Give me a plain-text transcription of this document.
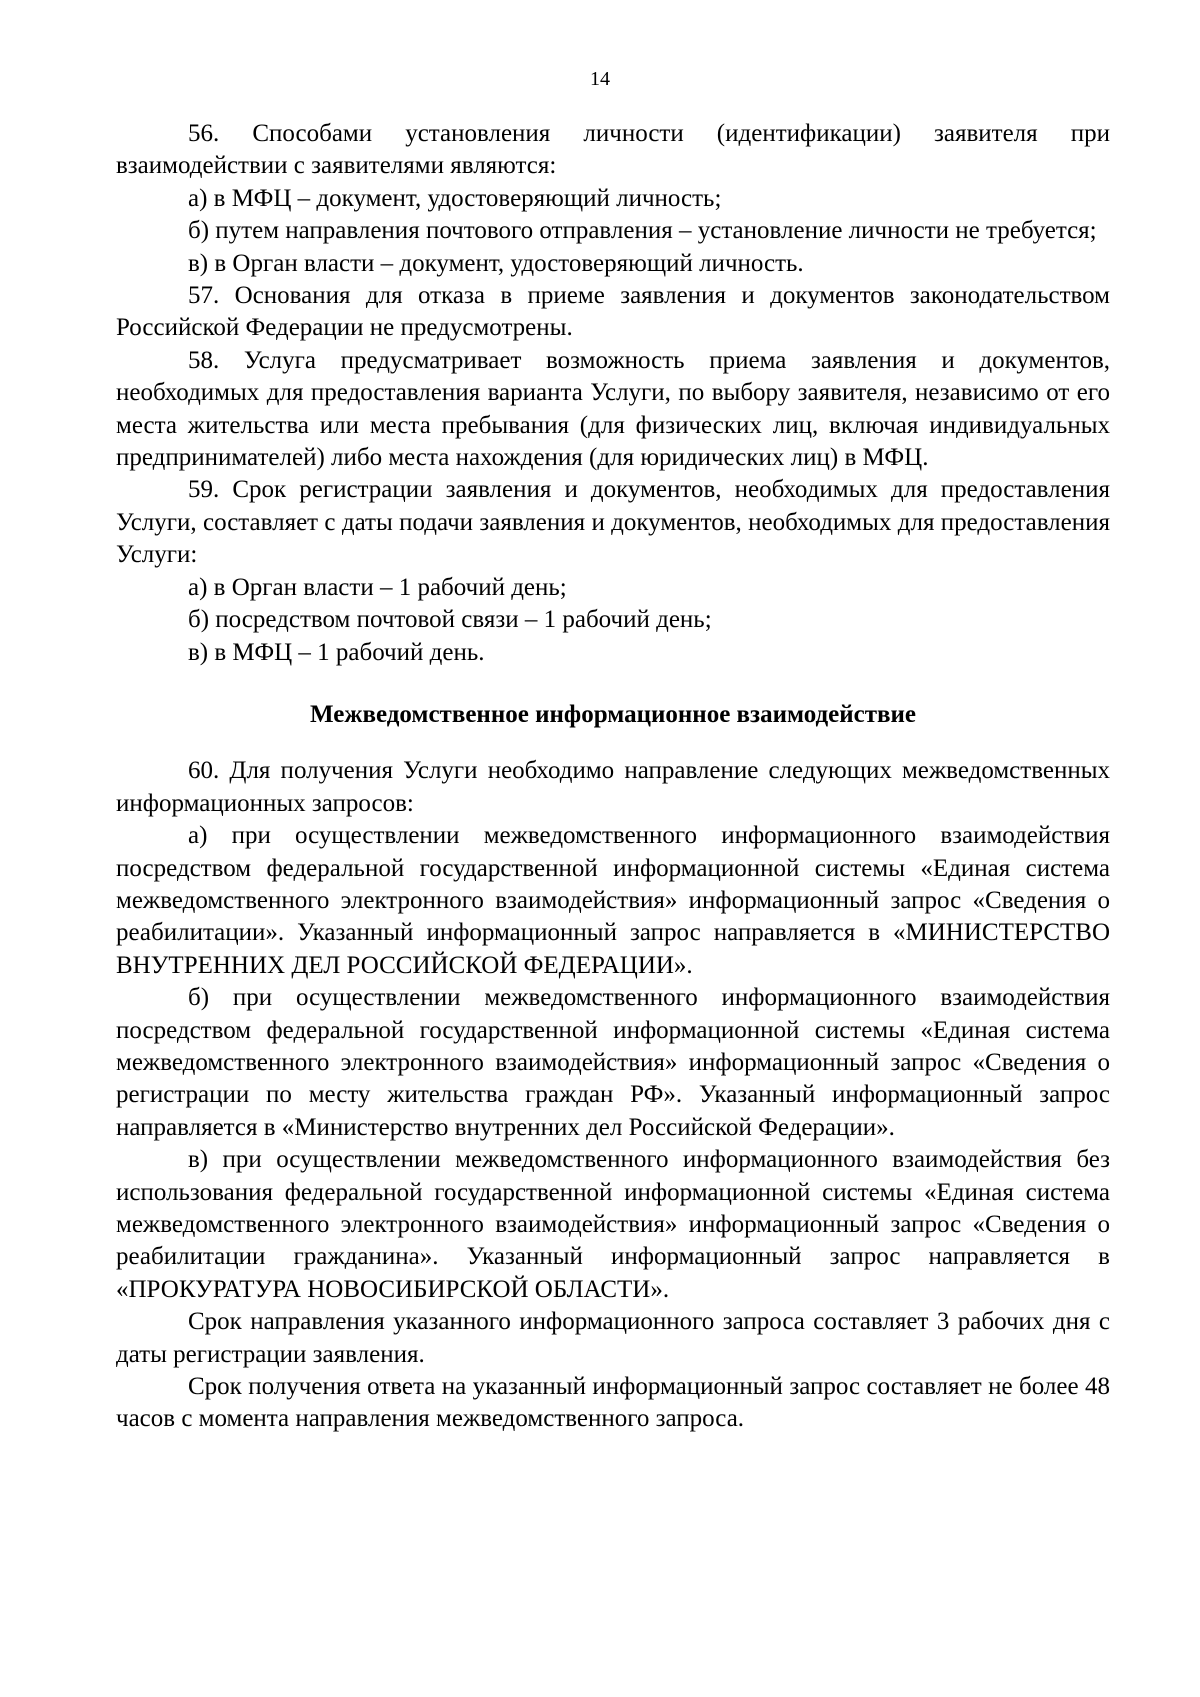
14

56. Способами установления личности (идентификации) заявителя при взаимодействии с заявителями являются:

а) в МФЦ – документ, удостоверяющий личность;

б) путем направления почтового отправления – установление личности не требуется;

в) в Орган власти – документ, удостоверяющий личность.

57. Основания для отказа в приеме заявления и документов законодательством Российской Федерации не предусмотрены.

58. Услуга предусматривает возможность приема заявления и документов, необходимых для предоставления варианта Услуги, по выбору заявителя, независимо от его места жительства или места пребывания (для физических лиц, включая индивидуальных предпринимателей) либо места нахождения (для юридических лиц) в МФЦ.

59. Срок регистрации заявления и документов, необходимых для предоставления Услуги, составляет с даты подачи заявления и документов, необходимых для предоставления Услуги:

а) в Орган власти – 1 рабочий день;

б) посредством почтовой связи – 1 рабочий день;

в) в МФЦ – 1 рабочий день.

Межведомственное информационное взаимодействие

60. Для получения Услуги необходимо направление следующих межведомственных информационных запросов:

а) при осуществлении межведомственного информационного взаимодействия посредством федеральной государственной информационной системы «Единая система межведомственного электронного взаимодействия» информационный запрос «Сведения о реабилитации». Указанный информационный запрос направляется в «МИНИСТЕРСТВО ВНУТРЕННИХ ДЕЛ РОССИЙСКОЙ ФЕДЕРАЦИИ».

б) при осуществлении межведомственного информационного взаимодействия посредством федеральной государственной информационной системы «Единая система межведомственного электронного взаимодействия» информационный запрос «Сведения о регистрации по месту жительства граждан РФ». Указанный информационный запрос направляется в «Министерство внутренних дел Российской Федерации».

в) при осуществлении межведомственного информационного взаимодействия без использования федеральной государственной информационной системы «Единая система межведомственного электронного взаимодействия» информационный запрос «Сведения о реабилитации гражданина». Указанный информационный запрос направляется в «ПРОКУРАТУРА НОВОСИБИРСКОЙ ОБЛАСТИ».

Срок направления указанного информационного запроса составляет 3 рабочих дня с даты регистрации заявления.

Срок получения ответа на указанный информационный запрос составляет не более 48 часов с момента направления межведомственного запроса.
